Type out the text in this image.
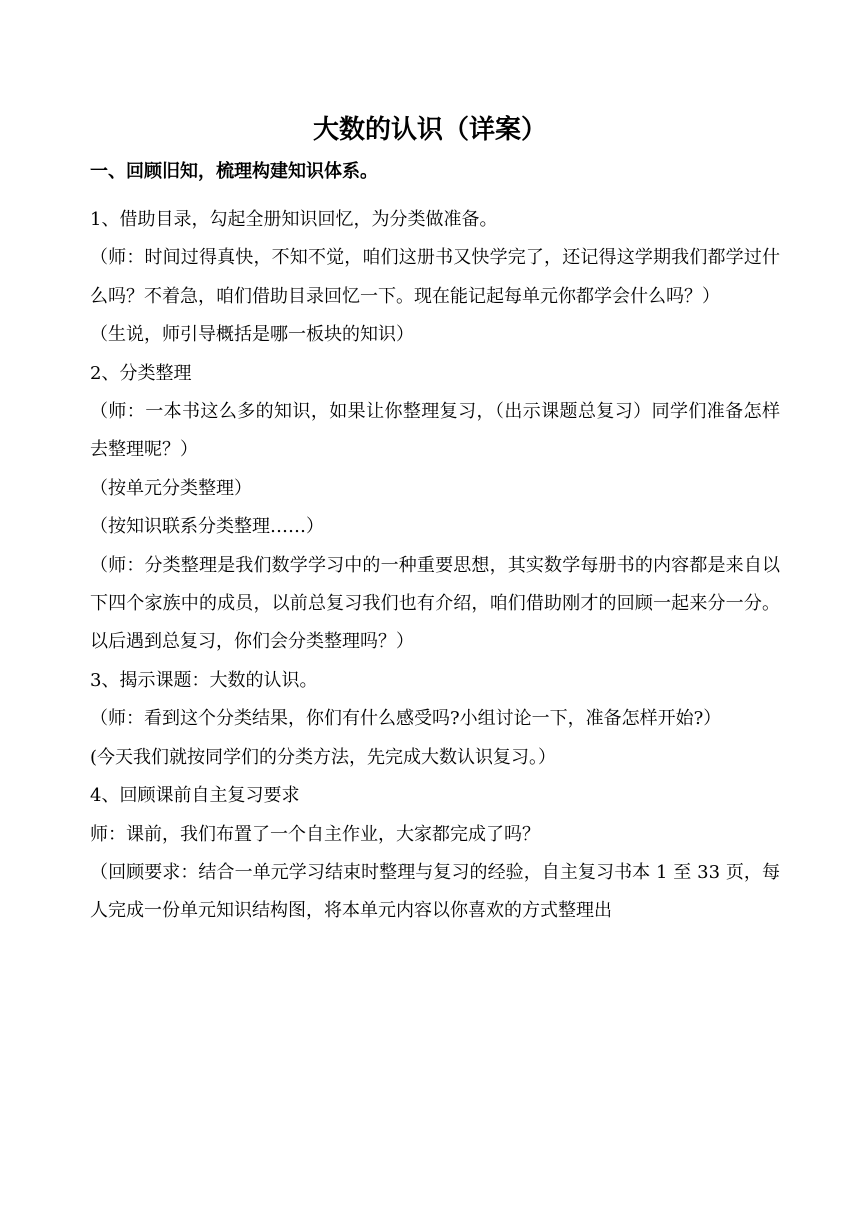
大数的认识（详案）
一、回顾旧知，梳理构建知识体系。

1、借助目录，勾起全册知识回忆，为分类做准备。

（师：时间过得真快，不知不觉，咱们这册书又快学完了，还记得这学期我们都学过什么吗？不着急，咱们借助目录回忆一下。现在能记起每单元你都学会什么吗？）

（生说，师引导概括是哪一板块的知识）

2、分类整理

（师：一本书这么多的知识，如果让你整理复习，（出示课题总复习）同学们准备怎样去整理呢？）

（按单元分类整理）

（按知识联系分类整理……）

（师：分类整理是我们数学学习中的一种重要思想，其实数学每册书的内容都是来自以下四个家族中的成员，以前总复习我们也有介绍，咱们借助刚才的回顾一起来分一分。以后遇到总复习，你们会分类整理吗？）

3、揭示课题：大数的认识。

（师：看到这个分类结果，你们有什么感受吗?小组讨论一下，准备怎样开始?）

(今天我们就按同学们的分类方法，先完成大数认识复习。）

4、回顾课前自主复习要求

师：课前，我们布置了一个自主作业，大家都完成了吗？

（回顾要求：结合一单元学习结束时整理与复习的经验，自主复习书本 1 至 33 页，每人完成一份单元知识结构图，将本单元内容以你喜欢的方式整理出
